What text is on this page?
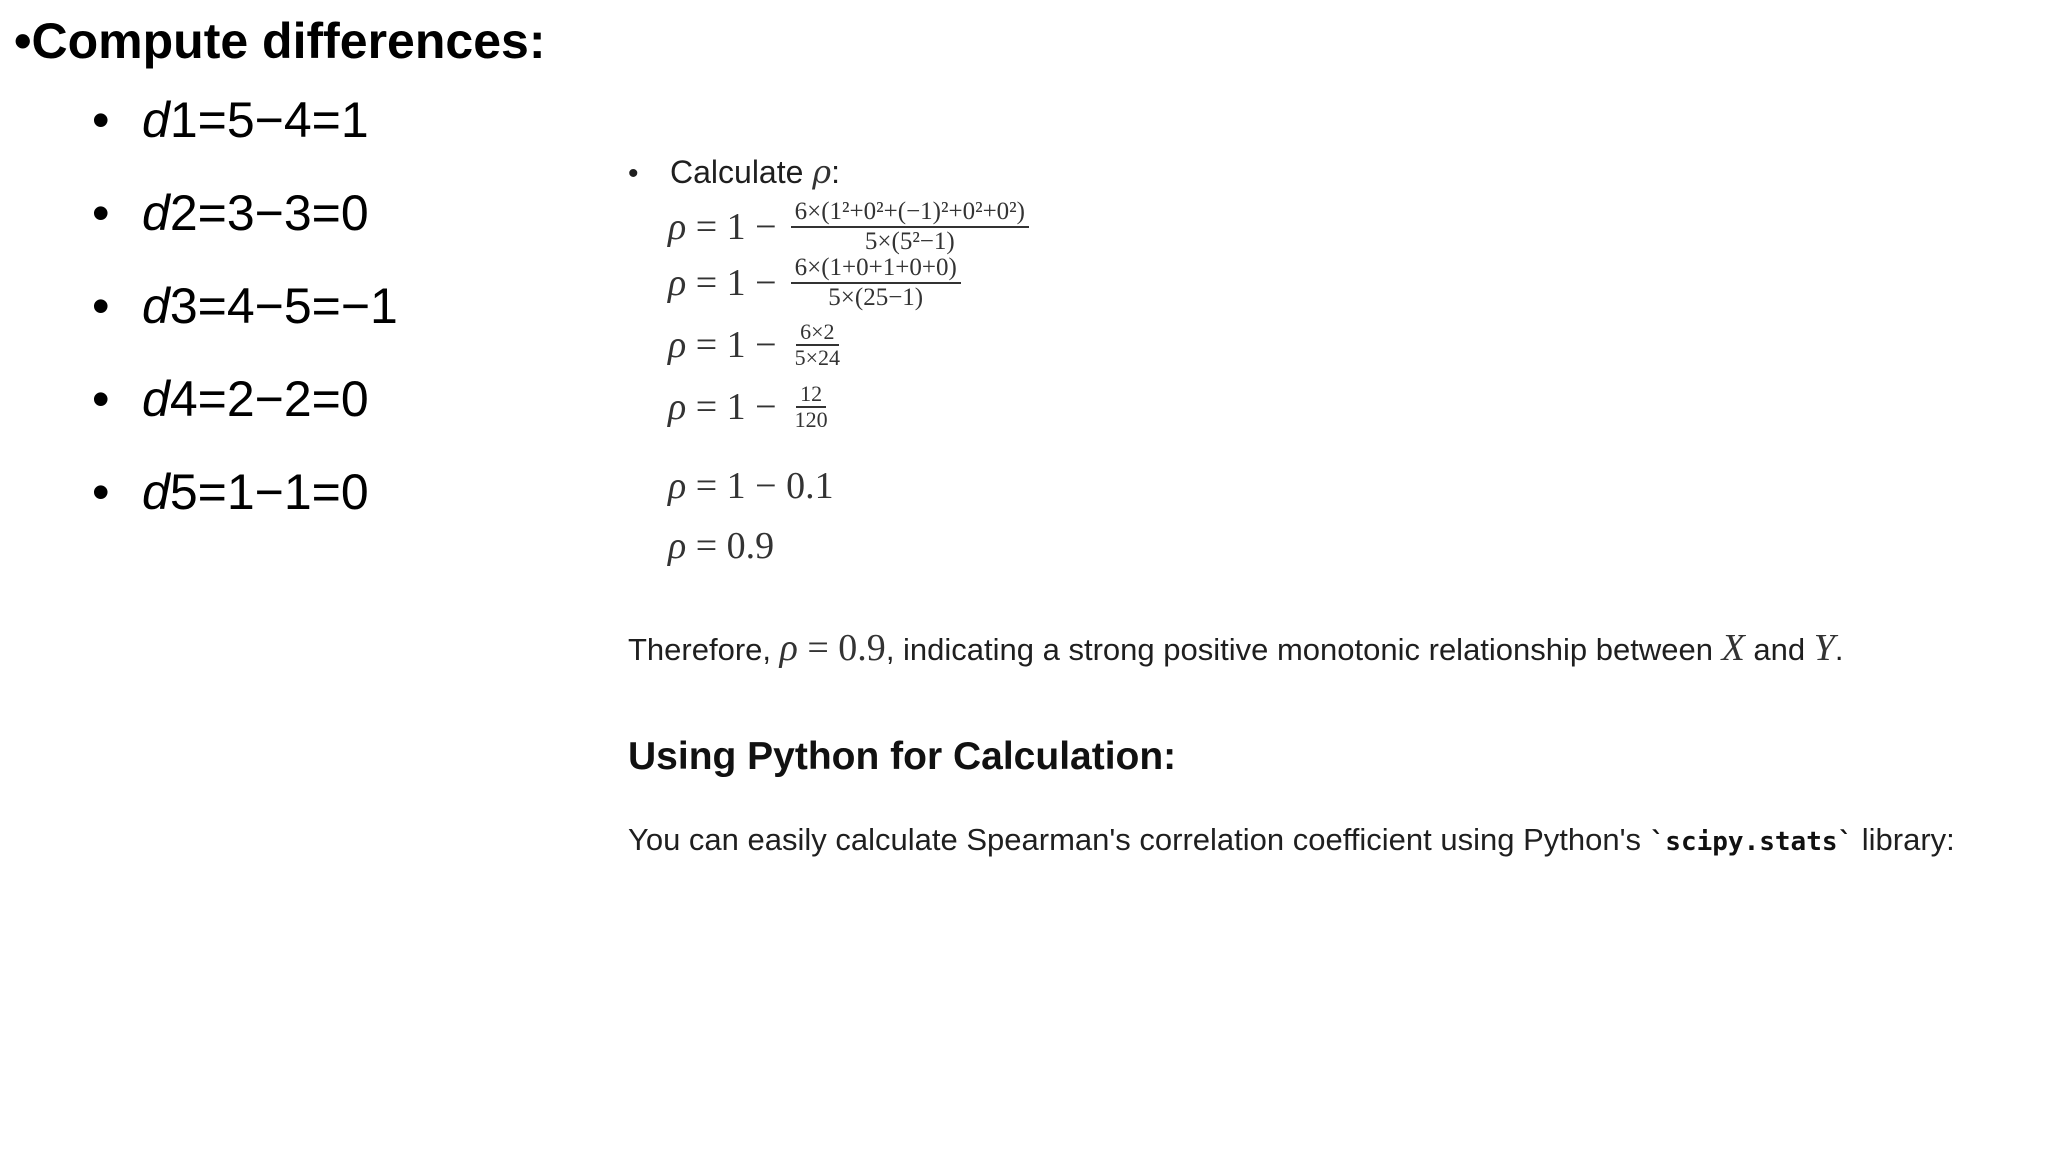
•Compute differences:
• d1=5−4=1
• d2=3−3=0
• d3=4−5=−1
• d4=2−2=0
• d5=1−1=0
• Calculate ρ:
$\rho = 1 - \frac{\text{6×(1²+0²+(−1)²+0²+0²)}}{\text{5×(5²−1)}}$
$\rho = 1 - \frac{6\times(1+0+1+0+0)}{5\times(25-1)}$
$\rho = 1 - \frac{6\times 2}{5\times 24}$
$\rho = 1 - \frac{12}{120}$
ρ = 1 − 0.1
ρ = 0.9
Therefore, ρ = 0.9, indicating a strong positive monotonic relationship between X and Y.
Using Python for Calculation:
You can easily calculate Spearman's correlation coefficient using Python's `scipy.stats` library:
